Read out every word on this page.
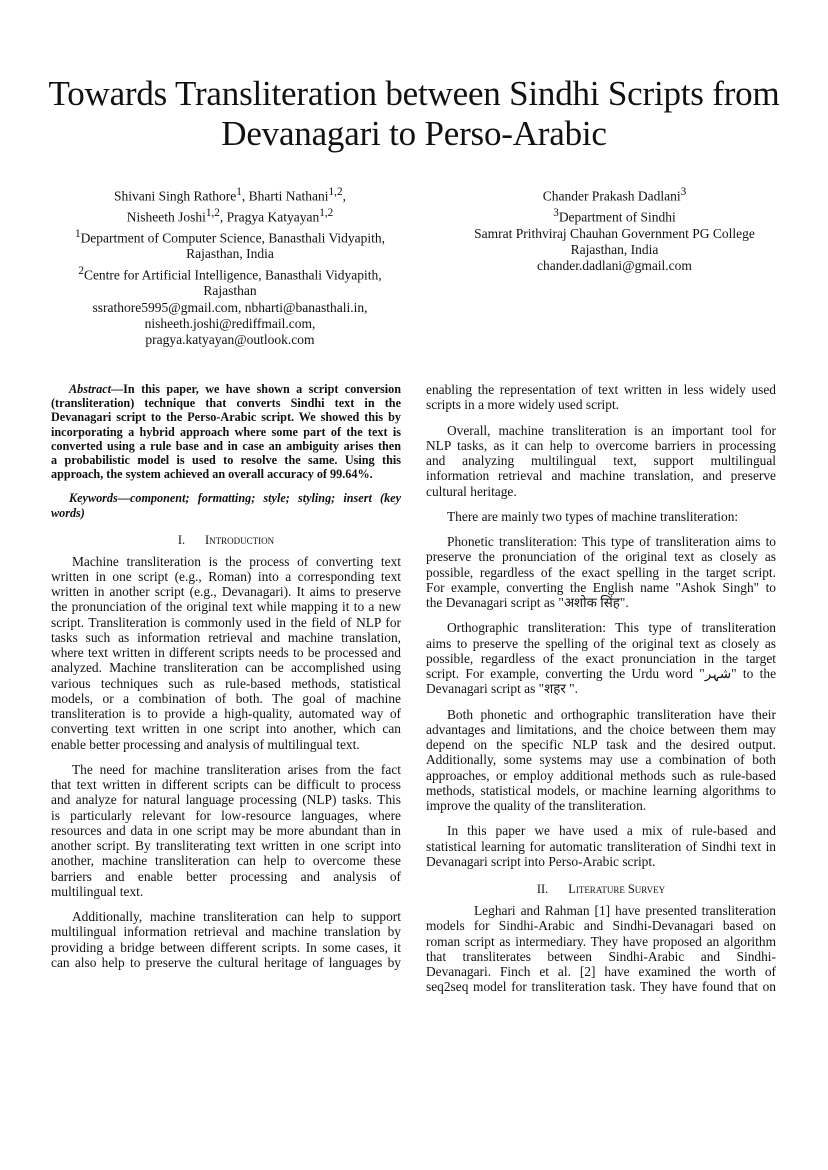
Towards Transliteration between Sindhi Scripts from
Devanagari to Perso-Arabic
Shivani Singh Rathore$^1$, Bharti Nathani$^{1,2}$,
Nisheeth Joshi$^{1,2}$, Pragya Katyayan$^{1,2}$
$^1$Department of Computer Science, Banasthali Vidyapith,
Rajasthan, India
$^2$Centre for Artificial Intelligence, Banasthali Vidyapith,
Rajasthan
ssrathore5995@gmail.com, nbharti@banasthali.in,
nisheeth.joshi@rediffmail.com,
pragya.katyayan@outlook.com
Chander Prakash Dadlani$^3$
$^3$Department of Sindhi
Samrat Prithviraj Chauhan Government PG College
Rajasthan, India
chander.dadlani@gmail.com
Abstract—In this paper, we have shown a script conversion
(transliteration) technique that converts Sindhi text in the
Devanagari script to the Perso-Arabic script. We showed this by
incorporating a hybrid approach where some part of the text is
converted using a rule base and in case an ambiguity arises then
a probabilistic model is used to resolve the same. Using this
approach, the system achieved an overall accuracy of 99.64%.
Keywords—component; formatting; style; styling; insert (key
words)
I. Introduction
Machine transliteration is the process of converting text
written in one script (e.g., Roman) into a corresponding text
written in another script (e.g., Devanagari). It aims to preserve
the pronunciation of the original text while mapping it to a new
script. Transliteration is commonly used in the field of NLP for
tasks such as information retrieval and machine translation,
where text written in different scripts needs to be processed and
analyzed. Machine transliteration can be accomplished using
various techniques such as rule-based methods, statistical
models, or a combination of both. The goal of machine
transliteration is to provide a high-quality, automated way of
converting text written in one script into another, which can
enable better processing and analysis of multilingual text.
The need for machine transliteration arises from the fact
that text written in different scripts can be difficult to process
and analyze for natural language processing (NLP) tasks. This
is particularly relevant for low-resource languages, where
resources and data in one script may be more abundant than in
another script. By transliterating text written in one script into
another, machine transliteration can help to overcome these
barriers and enable better processing and analysis of
multilingual text.
Additionally, machine transliteration can help to support
multilingual information retrieval and machine translation by
providing a bridge between different scripts. In some cases, it
can also help to preserve the cultural heritage of languages by
enabling the representation of text written in less widely used
scripts in a more widely used script.
Overall, machine transliteration is an important tool for
NLP tasks, as it can help to overcome barriers in processing
and analyzing multilingual text, support multilingual
information retrieval and machine translation, and preserve
cultural heritage.
There are mainly two types of machine transliteration:
Phonetic transliteration: This type of transliteration aims to
preserve the pronunciation of the original text as closely as
possible, regardless of the exact spelling in the target script.
For example, converting the English name "Ashok Singh" to
the Devanagari script as "अशोक सिंह".
Orthographic transliteration: This type of transliteration
aims to preserve the spelling of the original text as closely as
possible, regardless of the exact pronunciation in the target
script. For example, converting the Urdu word "شہر" to the
Devanagari script as "शहर ".
Both phonetic and orthographic transliteration have their
advantages and limitations, and the choice between them may
depend on the specific NLP task and the desired output.
Additionally, some systems may use a combination of both
approaches, or employ additional methods such as rule-based
methods, statistical models, or machine learning algorithms to
improve the quality of the transliteration.
In this paper we have used a mix of rule-based and
statistical learning for automatic transliteration of Sindhi text in
Devanagari script into Perso-Arabic script.
II. Literature Survey
Leghari and Rahman [1] have presented transliteration
models for Sindhi-Arabic and Sindhi-Devanagari based on
roman script as intermediary. They have proposed an algorithm
that transliterates between Sindhi-Arabic and Sindhi-
Devanagari. Finch et al. [2] have examined the worth of
seq2seq model for transliteration task. They have found that on
